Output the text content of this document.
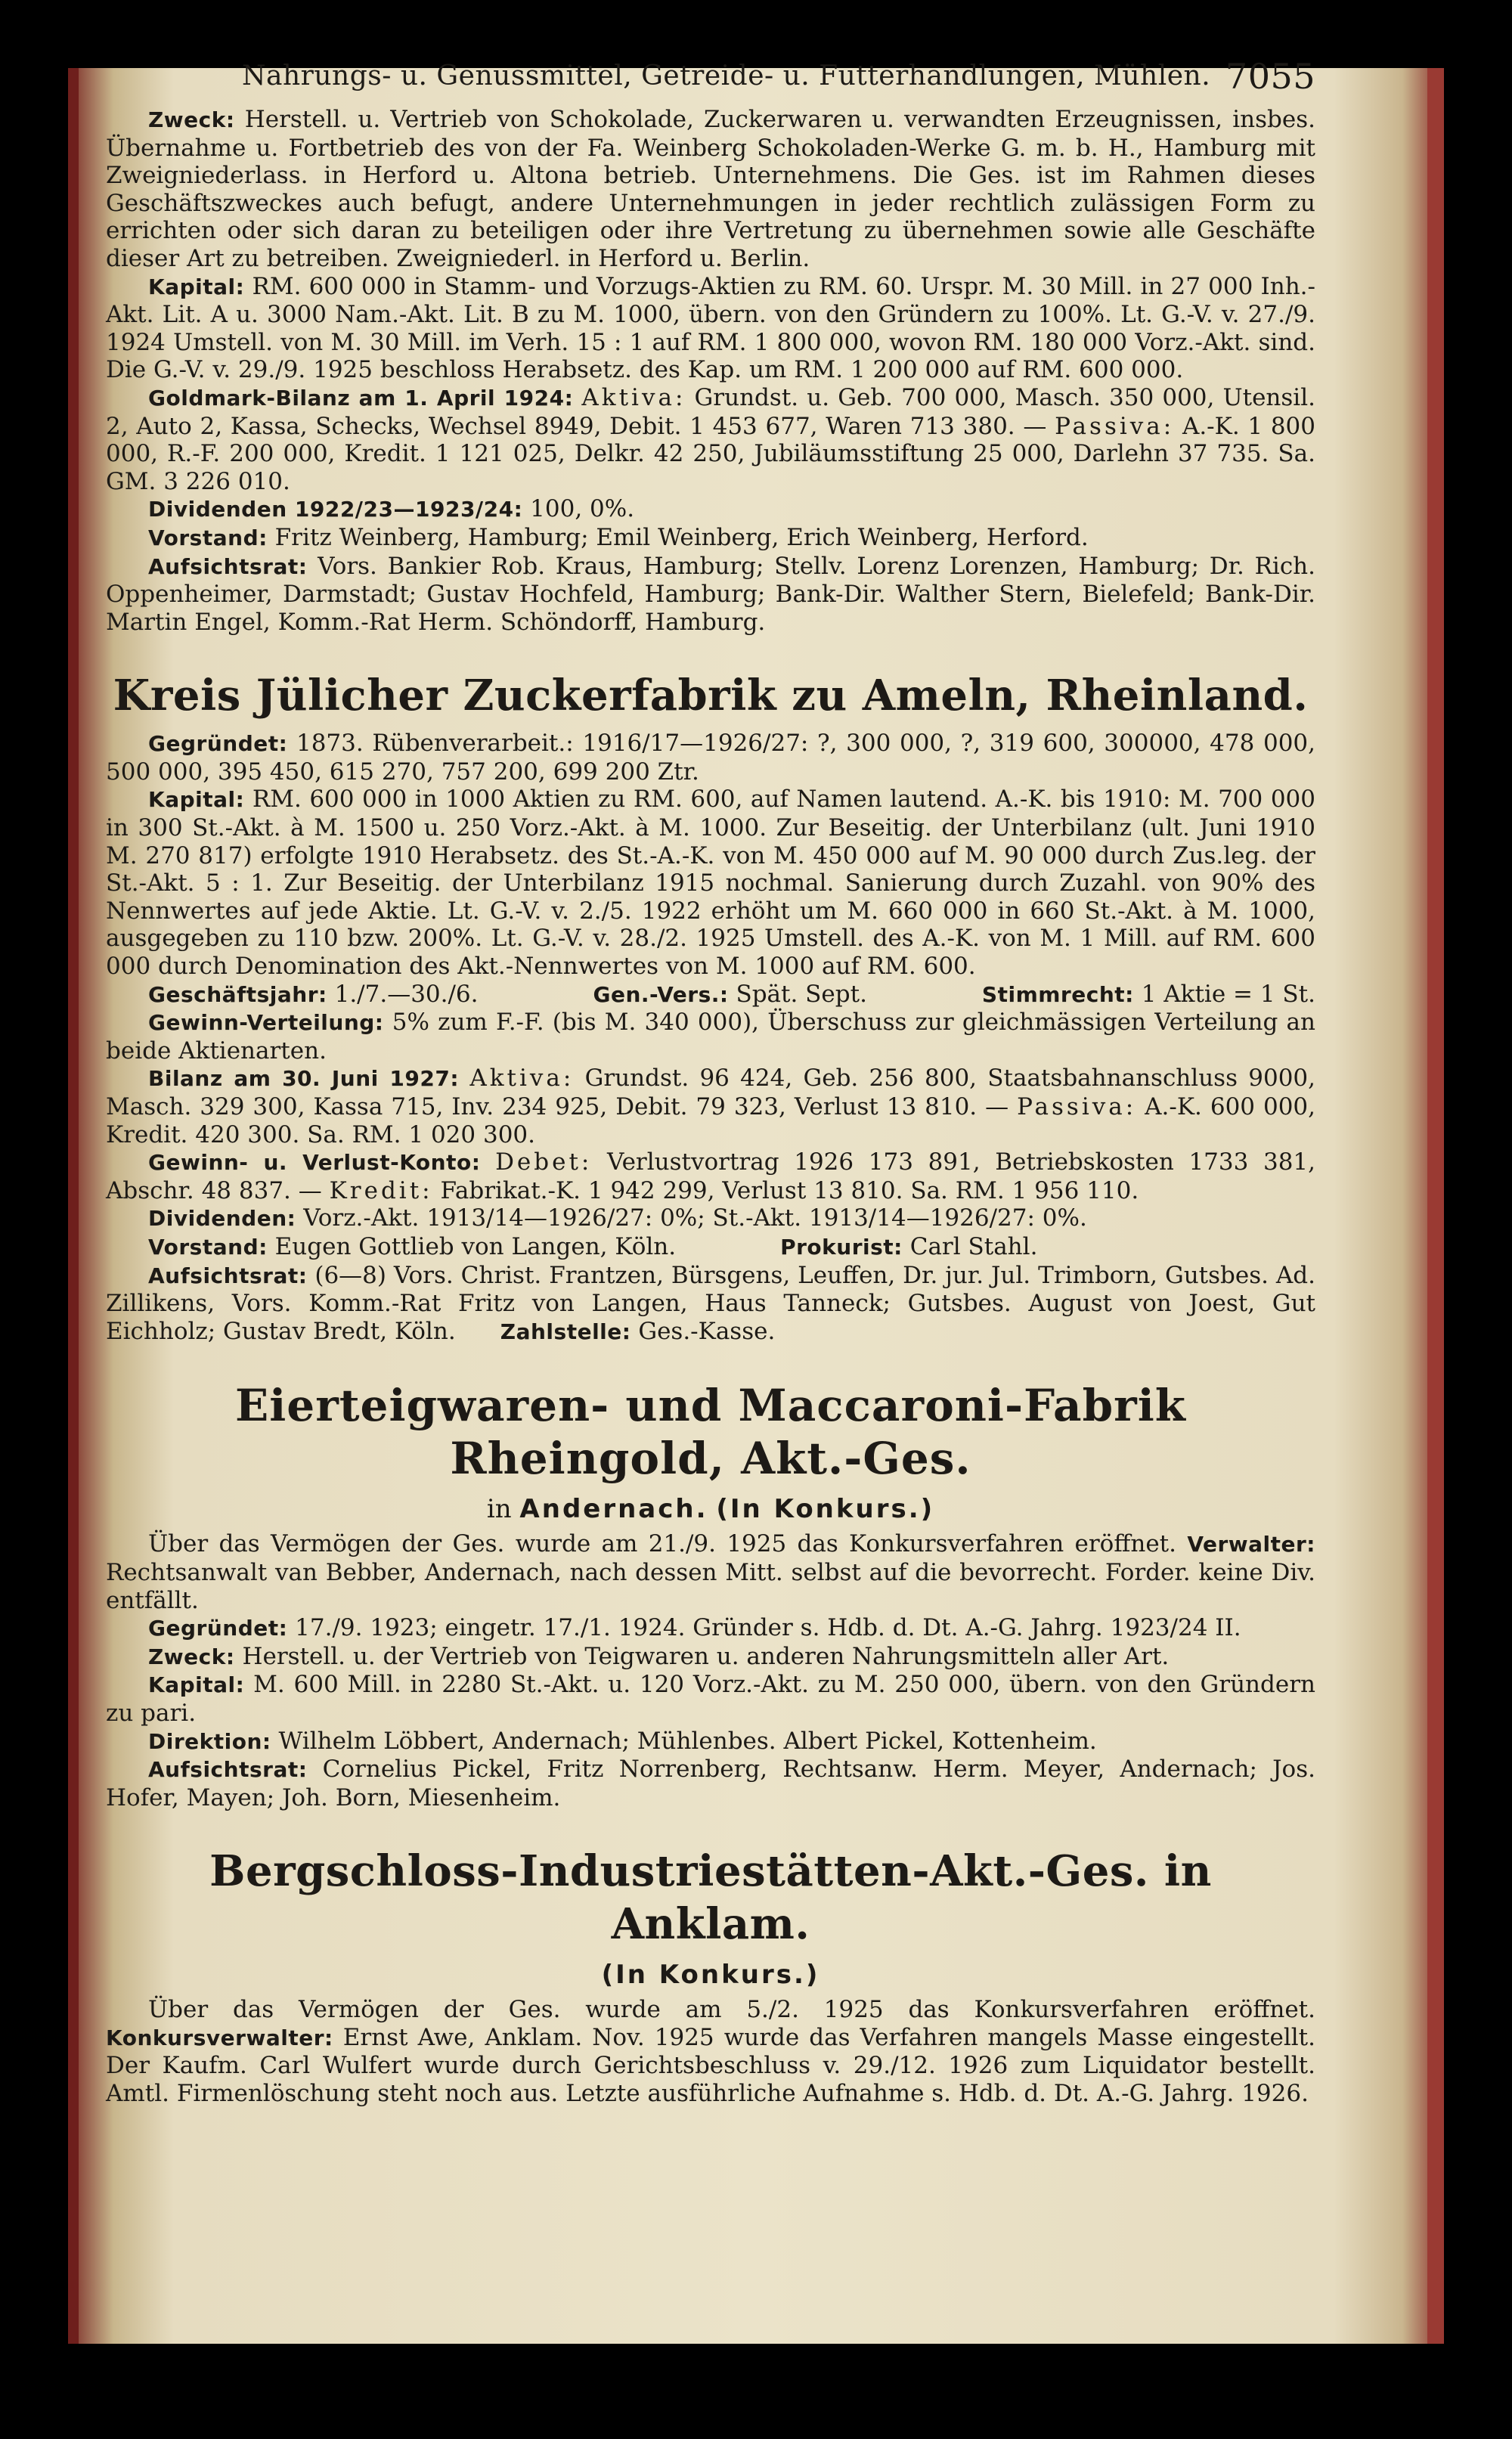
Nahrungs- u. Genussmittel, Getreide- u. Futterhandlungen, Mühlen. 7055

Zweck: Herstell. u. Vertrieb von Schokolade, Zuckerwaren u. verwandten Erzeugnissen, insbes. Übernahme u. Fortbetrieb des von der Fa. Weinberg Schokoladen-Werke G. m. b. H., Hamburg mit Zweigniederlass. in Herford u. Altona betrieb. Unternehmens. Die Ges. ist im Rahmen dieses Geschäftszweckes auch befugt, andere Unternehmungen in jeder rechtlich zulässigen Form zu errichten oder sich daran zu beteiligen oder ihre Vertretung zu übernehmen sowie alle Geschäfte dieser Art zu betreiben. Zweigniederl. in Herford u. Berlin.

Kapital: RM. 600 000 in Stamm- und Vorzugs-Aktien zu RM. 60. Urspr. M. 30 Mill. in 27 000 Inh.-Akt. Lit. A u. 3000 Nam.-Akt. Lit. B zu M. 1000, übern. von den Gründern zu 100%. Lt. G.-V. v. 27./9. 1924 Umstell. von M. 30 Mill. im Verh. 15 : 1 auf RM. 1 800 000, wovon RM. 180 000 Vorz.-Akt. sind. Die G.-V. v. 29./9. 1925 beschloss Herabsetz. des Kap. um RM. 1 200 000 auf RM. 600 000.

Goldmark-Bilanz am 1. April 1924: Aktiva: Grundst. u. Geb. 700 000, Masch. 350 000, Utensil. 2, Auto 2, Kassa, Schecks, Wechsel 8949, Debit. 1 453 677, Waren 713 380. — Passiva: A.-K. 1 800 000, R.-F. 200 000, Kredit. 1 121 025, Delkr. 42 250, Jubiläumsstiftung 25 000, Darlehn 37 735. Sa. GM. 3 226 010.

Dividenden 1922/23—1923/24: 100, 0%.

Vorstand: Fritz Weinberg, Hamburg; Emil Weinberg, Erich Weinberg, Herford.

Aufsichtsrat: Vors. Bankier Rob. Kraus, Hamburg; Stellv. Lorenz Lorenzen, Hamburg; Dr. Rich. Oppenheimer, Darmstadt; Gustav Hochfeld, Hamburg; Bank-Dir. Walther Stern, Bielefeld; Bank-Dir. Martin Engel, Komm.-Rat Herm. Schöndorff, Hamburg.

Kreis Jülicher Zuckerfabrik zu Ameln, Rheinland.

Gegründet: 1873. Rübenverarbeit.: 1916/17—1926/27: ?, 300 000, ?, 319 600, 300000, 478 000, 500 000, 395 450, 615 270, 757 200, 699 200 Ztr.

Kapital: RM. 600 000 in 1000 Aktien zu RM. 600, auf Namen lautend. A.-K. bis 1910: M. 700 000 in 300 St.-Akt. à M. 1500 u. 250 Vorz.-Akt. à M. 1000. Zur Beseitig. der Unterbilanz (ult. Juni 1910 M. 270 817) erfolgte 1910 Herabsetz. des St.-A.-K. von M. 450 000 auf M. 90 000 durch Zus.leg. der St.-Akt. 5 : 1. Zur Beseitig. der Unterbilanz 1915 nochmal. Sanierung durch Zuzahl. von 90% des Nennwertes auf jede Aktie. Lt. G.-V. v. 2./5. 1922 erhöht um M. 660 000 in 660 St.-Akt. à M. 1000, ausgegeben zu 110 bzw. 200%. Lt. G.-V. v. 28./2. 1925 Umstell. des A.-K. von M. 1 Mill. auf RM. 600 000 durch Denomination des Akt.-Nennwertes von M. 1000 auf RM. 600.

Geschäftsjahr: 1./7.—30./6.	Gen.-Vers.: Spät. Sept.	Stimmrecht: 1 Aktie = 1 St.

Gewinn-Verteilung: 5% zum F.-F. (bis M. 340 000), Überschuss zur gleichmässigen Verteilung an beide Aktienarten.

Bilanz am 30. Juni 1927: Aktiva: Grundst. 96 424, Geb. 256 800, Staatsbahnanschluss 9000, Masch. 329 300, Kassa 715, Inv. 234 925, Debit. 79 323, Verlust 13 810. — Passiva: A.-K. 600 000, Kredit. 420 300. Sa. RM. 1 020 300.

Gewinn- u. Verlust-Konto: Debet: Verlustvortrag 1926 173 891, Betriebskosten 1733 381, Abschr. 48 837. — Kredit: Fabrikat.-K. 1 942 299, Verlust 13 810. Sa. RM. 1 956 110.

Dividenden: Vorz.-Akt. 1913/14—1926/27: 0%; St.-Akt. 1913/14—1926/27: 0%.

Vorstand: Eugen Gottlieb von Langen, Köln.	Prokurist: Carl Stahl.

Aufsichtsrat: (6—8) Vors. Christ. Frantzen, Bürsgens, Leuffen, Dr. jur. Jul. Trimborn, Gutsbes. Ad. Zillikens, Vors. Komm.-Rat Fritz von Langen, Haus Tanneck; Gutsbes. August von Joest, Gut Eichholz; Gustav Bredt, Köln. Zahlstelle: Ges.-Kasse.

Eierteigwaren- und Maccaroni-Fabrik Rheingold, Akt.-Ges.
in Andernach. (In Konkurs.)

Über das Vermögen der Ges. wurde am 21./9. 1925 das Konkursverfahren eröffnet. Verwalter: Rechtsanwalt van Bebber, Andernach, nach dessen Mitt. selbst auf die bevorrecht. Forder. keine Div. entfällt.

Gegründet: 17./9. 1923; eingetr. 17./1. 1924. Gründer s. Hdb. d. Dt. A.-G. Jahrg. 1923/24 II.

Zweck: Herstell. u. der Vertrieb von Teigwaren u. anderen Nahrungsmitteln aller Art.

Kapital: M. 600 Mill. in 2280 St.-Akt. u. 120 Vorz.-Akt. zu M. 250 000, übern. von den Gründern zu pari.

Direktion: Wilhelm Löbbert, Andernach; Mühlenbes. Albert Pickel, Kottenheim.

Aufsichtsrat: Cornelius Pickel, Fritz Norrenberg, Rechtsanw. Herm. Meyer, Andernach; Jos. Hofer, Mayen; Joh. Born, Miesenheim.

Bergschloss-Industriestätten-Akt.-Ges. in Anklam.
(In Konkurs.)

Über das Vermögen der Ges. wurde am 5./2. 1925 das Konkursverfahren eröffnet. Konkursverwalter: Ernst Awe, Anklam. Nov. 1925 wurde das Verfahren mangels Masse eingestellt. Der Kaufm. Carl Wulfert wurde durch Gerichtsbeschluss v. 29./12. 1926 zum Liquidator bestellt. Amtl. Firmenlöschung steht noch aus. Letzte ausführliche Aufnahme s. Hdb. d. Dt. A.-G. Jahrg. 1926.
